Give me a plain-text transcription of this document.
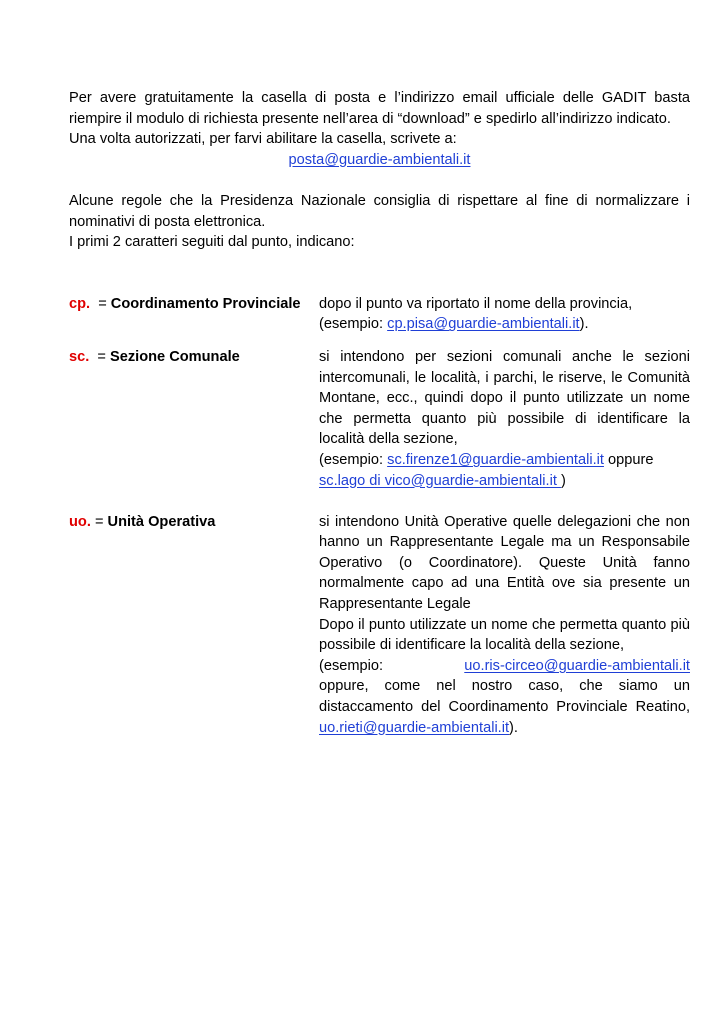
Per avere gratuitamente la casella di posta e l’indirizzo email ufficiale delle GADIT basta riempire il modulo di richiesta presente nell’area di “download” e spedirlo all’indirizzo indicato.

Una volta autorizzati, per farvi abilitare la casella, scrivete a:

posta@guardie-ambientali.it

Alcune regole che la Presidenza Nazionale consiglia di rispettare al fine di normalizzare i nominativi di posta elettronica.

I primi 2 caratteri seguiti dal punto, indicano:

cp. = Coordinamento Provinciale	dopo il punto va riportato il nome della provincia,
(esempio: cp.pisa@guardie-ambientali.it).
sc. = Sezione Comunale	si intendono per sezioni comunali anche le sezioni intercomunali, le località, i parchi, le riserve, le Comunità Montane, ecc., quindi dopo il punto utilizzate un nome che permetta quanto più possibile di identificare la località della sezione,
(esempio: sc.firenze1@guardie-ambientali.it oppure
sc.lago di vico@guardie-ambientali.it )
uo. = Unità Operativa	si intendono Unità Operative quelle delegazioni che non hanno un Rappresentante Legale ma un Responsabile Operativo (o Coordinatore). Queste Unità fanno normalmente capo ad una Entità ove sia presente un Rappresentante Legale
Dopo il punto utilizzate un nome che permetta quanto più possibile di identificare la località della sezione,
(esempio:	uo.ris-circeo@guardie-ambientali.it
oppure, come nel nostro caso, che siamo un distaccamento del Coordinamento Provinciale Reatino, uo.rieti@guardie-ambientali.it).
